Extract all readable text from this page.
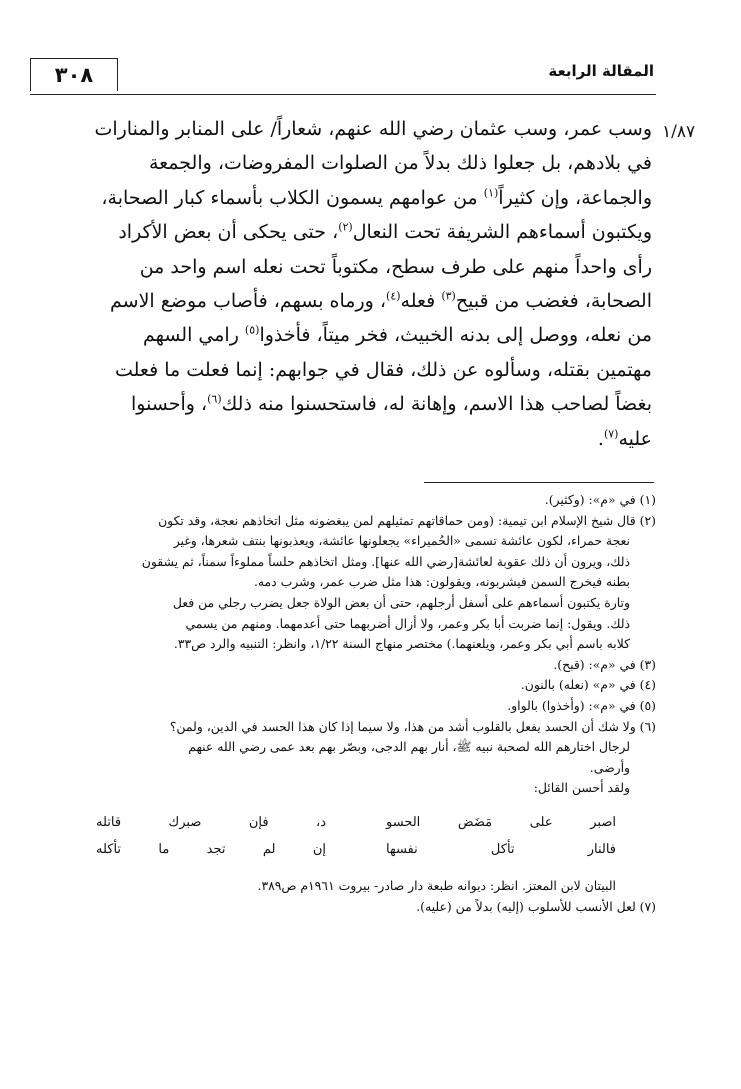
٣٠٨	المقالة الرابعة
١/٨٧

وسب عمر، وسب عثمان رضي الله عنهم، شعاراً/ على المنابر والمنارات

في بلادهم، بل جعلوا ذلك بدلاً من الصلوات المفروضات، والجمعة

والجماعة، وإن كثيراً$^{(١)}$ من عوامهم يسمون الكلاب بأسماء كبار الصحابة،

ويكتبون أسماءهم الشريفة تحت النعال$^{(٢)}$، حتى يحكى أن بعض الأكراد

رأى واحداً منهم على طرف سطح، مكتوباً تحت نعله اسم واحد من

الصحابة، فغضب من قبيح$^{(٣)}$ فعله$^{(٤)}$، ورماه بسهم، فأصاب موضع الاسم

من نعله، ووصل إلى بدنه الخبيث، فخر ميتاً، فأخذوا$^{(٥)}$ رامي السهم

مهتمين بقتله، وسألوه عن ذلك، فقال في جوابهم: إنما فعلت ما فعلت

بغضاً لصاحب هذا الاسم، وإهانة له، فاستحسنوا منه ذلك$^{(٦)}$، وأحسنوا

عليه$^{(٧)}$.

(١) في «م»: (وكثير).

(٢) قال شيخ الإسلام ابن تيمية: (ومن حماقاتهم تمثيلهم لمن يبغضونه مثل اتخاذهم نعجة، وقد تكون
نعجة حمراء، لكون عائشة تسمى «الحُميراء» يجعلونها عائشة، ويعذبونها بنتف شعرها، وغير
ذلك، ويرون أن ذلك عقوبة لعائشة[رضي الله عنها]. ومثل اتخاذهم حلساً مملوءاً سمناً، ثم يشقون
بطنه فيخرج السمن فيشربونه، ويقولون: هذا مثل ضرب عمر، وشرب دمه.
وتارة يكتبون أسماءهم على أسفل أرجلهم، حتى أن بعض الولاة جعل يضرب رجلي من فعل
ذلك. ويقول: إنما ضربت أبا بكر وعمر، ولا أزال أضربهما حتى أعدمهما. ومنهم من يسمي
كلابه باسم أبي بكر وعمر، ويلعنهما.) مختصر منهاج السنة ١/٢٢، وانظر: التنبيه والرد ص٣٣.

(٣) في «م»: (قبح).

(٤) في «م» (نعله) بالنون.

(٥) في «م»: (وأخذوا) بالواو.

(٦) ولا شك أن الحسد يفعل بالقلوب أشد من هذا، ولا سيما إذا كان هذا الحسد في الدين، ولمن؟
لرجال اختارهم الله لصحبة نبيه ﷺ، أنار بهم الدجى، وبصّر بهم بعد عمى رضي الله عنهم
وأرضى.
ولقد أحسن القائل:
اصبر على مَضَض الحسو
د، فإن صبرك قاتله
فالنار تأكل نفسها
إن لم تجد ما تأكله
البيتان لابن المعتز. انظر: ديوانه طبعة دار صادر- بيروت ١٩٦١م ص٣٨٩.

(٧) لعل الأنسب للأسلوب (إليه) بدلاً من (عليه).
